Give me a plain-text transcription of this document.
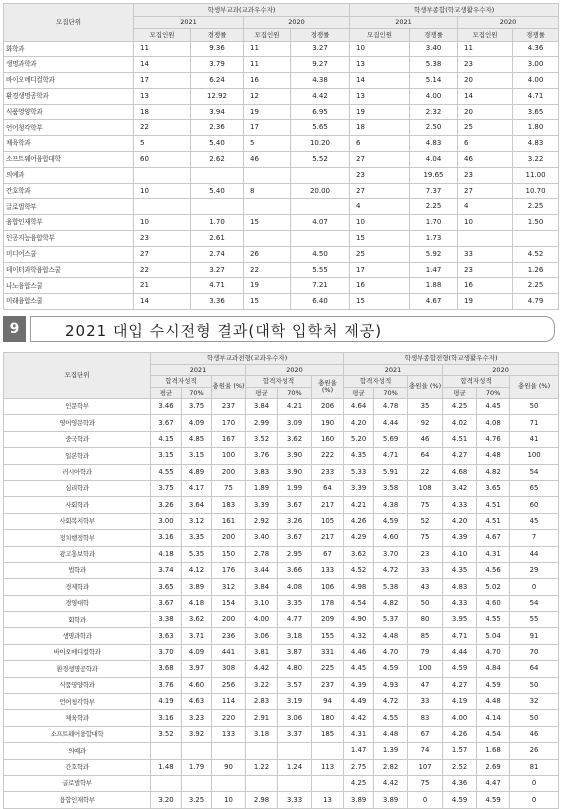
모집단위	학생부교과(교과우수자)				학생부종합(학교생활우수자)			
	2021		2020		2021		2020	
	모집인원	경쟁률	모집인원	경쟁률	모집인원	경쟁률	모집인원	경쟁률
화학과	11	9.36	11	3.27	10	3.40	11	4.36
생명과학과	14	3.79	11	9.27	13	5.38	23	3.00
바이오메디컬학과	17	6.24	16	4.38	14	5.14	20	4.00
환경생명공학과	13	12.92	12	4.42	13	4.00	14	4.71
식품영양학과	18	3.94	19	6.95	19	2.32	20	3.65
언어청각학부	22	2.36	17	5.65	18	2.50	25	1.80
체육학과	5	5.40	5	10.20	6	4.83	6	4.83
소프트웨어융합대학	60	2.62	46	5.52	27	4.04	46	3.22
의예과					23	19.65	23	11.00
간호학과	10	5.40	8	20.00	27	7.37	27	10.70
글로벌학부					4	2.25	4	2.25
융합인재학부	10	1.70	15	4.07	10	1.70	10	1.50
인공지능융합학부	23	2.61			15	1.73		
미디어스쿨	27	2.74	26	4.50	25	5.92	33	4.52
데이터과학융합스쿨	22	3.27	22	5.55	17	1.47	23	1.26
나노융합스쿨	21	4.71	19	7.21	16	1.88	16	2.25
미래융합스쿨	14	3.36	15	6.40	15	4.67	19	4.79
9	2021 대입 수시전형 결과(대학 입학처 제공)
모집단위	학생부교과전형(교과우수자)						학생부종합전형(학교생활우수자)					
	2021			2020			2021			2020		
	합격자성적		충원율 (%)	합격자성적		충원율 (%)	합격자성적		충원율 (%)	합격자성적		충원율 (%)
	평균	70%		평균	70%		평균	70%		평균	70%	
인문학부	3.46	3.75	237	3.84	4.21	206	4.64	4.78	35	4.25	4.45	50
영어영문학과	3.67	4.09	170	2.99	3.09	190	4.20	4.44	92	4.02	4.08	71
중국학과	4.15	4.85	167	3.52	3.62	160	5.20	5.69	46	4.51	4.76	41
일본학과	3.15	3.15	100	3.76	3.90	222	4.35	4.71	64	4.27	4.48	100
러시아학과	4.55	4.89	200	3.83	3.90	233	5.33	5.91	22	4.68	4.82	54
심리학과	3.75	4.17	75	1.89	1.99	64	3.39	3.58	108	3.42	3.65	65
사회학과	3.26	3.64	183	3.39	3.67	217	4.21	4.38	75	4.33	4.51	60
사회복지학부	3.00	3.12	161	2.92	3.26	105	4.26	4.59	52	4.20	4.51	45
정치행정학부	3.16	3.35	200	3.40	3.67	217	4.29	4.60	75	4.39	4.67	7
광고홍보학과	4.18	5.35	150	2.78	2.95	67	3.62	3.70	23	4.10	4.31	44
법학과	3.74	4.12	176	3.44	3.66	133	4.52	4.72	33	4.35	4.56	29
경제학과	3.65	3.89	312	3.84	4.08	106	4.98	5.38	43	4.83	5.02	0
경영대학	3.67	4.18	154	3.10	3.35	178	4.54	4.82	50	4.33	4.60	54
회학과	3.38	3.62	200	4.00	4.77	209	4.90	5.37	80	3.95	4.55	55
생명과학과	3.63	3.71	236	3.06	3.18	155	4.32	4.48	85	4.71	5.04	91
바이오메디컬학과	3.70	4.09	441	3.81	3.87	331	4.46	4.70	79	4.44	4.70	70
환경생명공학과	3.68	3.97	308	4.42	4.80	225	4.45	4.59	100	4.59	4.84	64
식품영양학과	3.76	4.60	256	3.22	3.57	237	4.39	4.93	47	4.27	4.59	50
언어청각학부	4.19	4.63	114	2.83	3.19	94	4.49	4.72	33	4.19	4.48	32
체육학과	3.16	3.23	220	2.91	3.06	180	4.42	4.55	83	4.00	4.14	50
소프트웨어융합대학	3.52	3.92	133	3.18	3.37	185	4.31	4.48	67	4.26	4.54	46
의예과							1.47	1.39	74	1.57	1.68	26
간호학과	1.48	1.79	90	1.22	1.24	113	2.75	2.82	107	2.52	2.69	81
글로벌학부							4.25	4.42	75	4.36	4.47	0
융합인재학부	3.20	3.25	10	2.98	3.33	13	3.89	3.89	0	4.59	4.59	0
